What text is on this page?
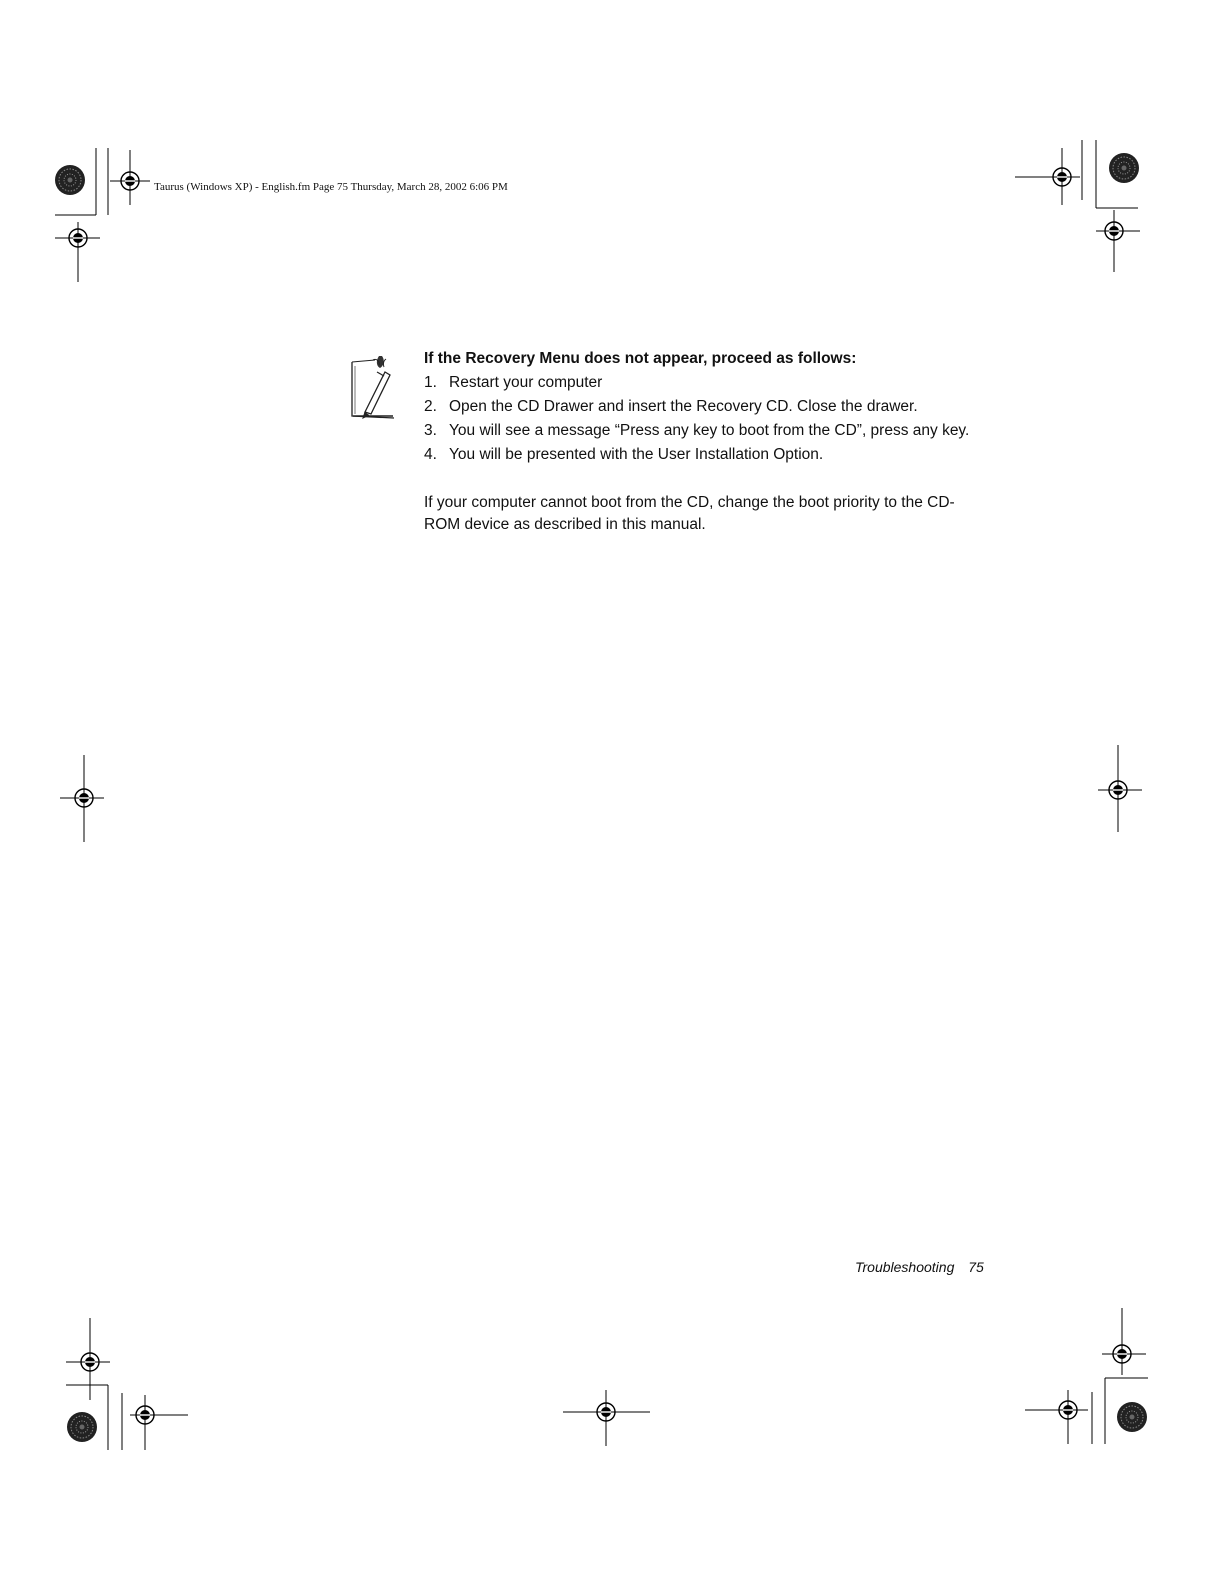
Taurus (Windows XP) - English.fm Page 75 Thursday, March 28, 2002 6:06 PM
If the Recovery Menu does not appear, proceed as follows:
1. Restart your computer
2. Open the CD Drawer and insert the Recovery CD. Close the drawer.
3. You will see a message “Press any key to boot from the CD”, press any key.
4. You will be presented with the User Installation Option.

If your computer cannot boot from the CD, change the boot priority to the CD-ROM device as described in this manual.

Troubleshooting 75
